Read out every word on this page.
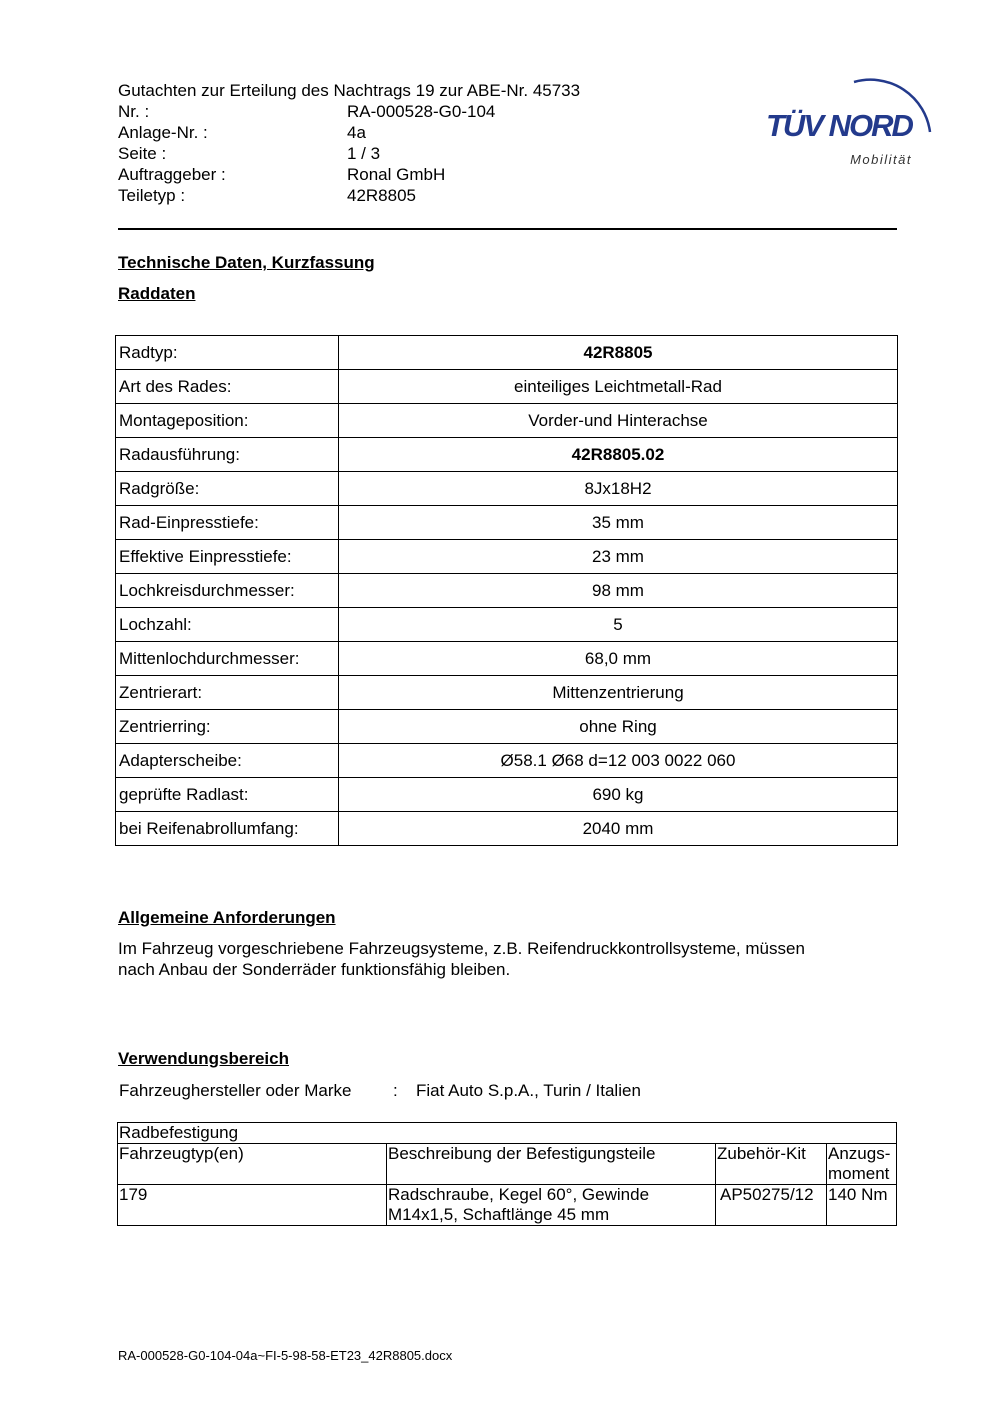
Gutachten zur Erteilung des Nachtrags 19 zur ABE-Nr. 45733
Nr. :	RA-000528-G0-104
Anlage-Nr. :	4a
Seite :	1 / 3
Auftraggeber :	Ronal GmbH
Teiletyp :	42R8805
TÜV NORD
Mobilität
Technische Daten, Kurzfassung
Raddaten
Radtyp:	42R8805
Art des Rades:	einteiliges Leichtmetall-Rad
Montageposition:	Vorder-und Hinterachse
Radausführung:	42R8805.02
Radgröße:	8Jx18H2
Rad-Einpresstiefe:	35 mm
Effektive Einpresstiefe:	23 mm
Lochkreisdurchmesser:	98 mm
Lochzahl:	5
Mittenlochdurchmesser:	68,0 mm
Zentrierart:	Mittenzentrierung
Zentrierring:	ohne Ring
Adapterscheibe:	Ø58.1 Ø68 d=12 003 0022 060
geprüfte Radlast:	690 kg
bei Reifenabrollumfang:	2040 mm
Allgemeine Anforderungen
Im Fahrzeug vorgeschriebene Fahrzeugsysteme, z.B. Reifendruckkontrollsysteme, müssen
nach Anbau der Sonderräder funktionsfähig bleiben.
Verwendungsbereich
Fahrzeughersteller oder Marke : Fiat Auto S.p.A., Turin / Italien
Radbefestigung			
Fahrzeugtyp(en)	Beschreibung der Befestigungsteile	Zubehör-Kit	Anzugs-
moment
179	Radschraube, Kegel 60°, Gewinde
M14x1,5, Schaftlänge 45 mm	AP50275/12	140 Nm
RA-000528-G0-104-04a~FI-5-98-58-ET23_42R8805.docx
